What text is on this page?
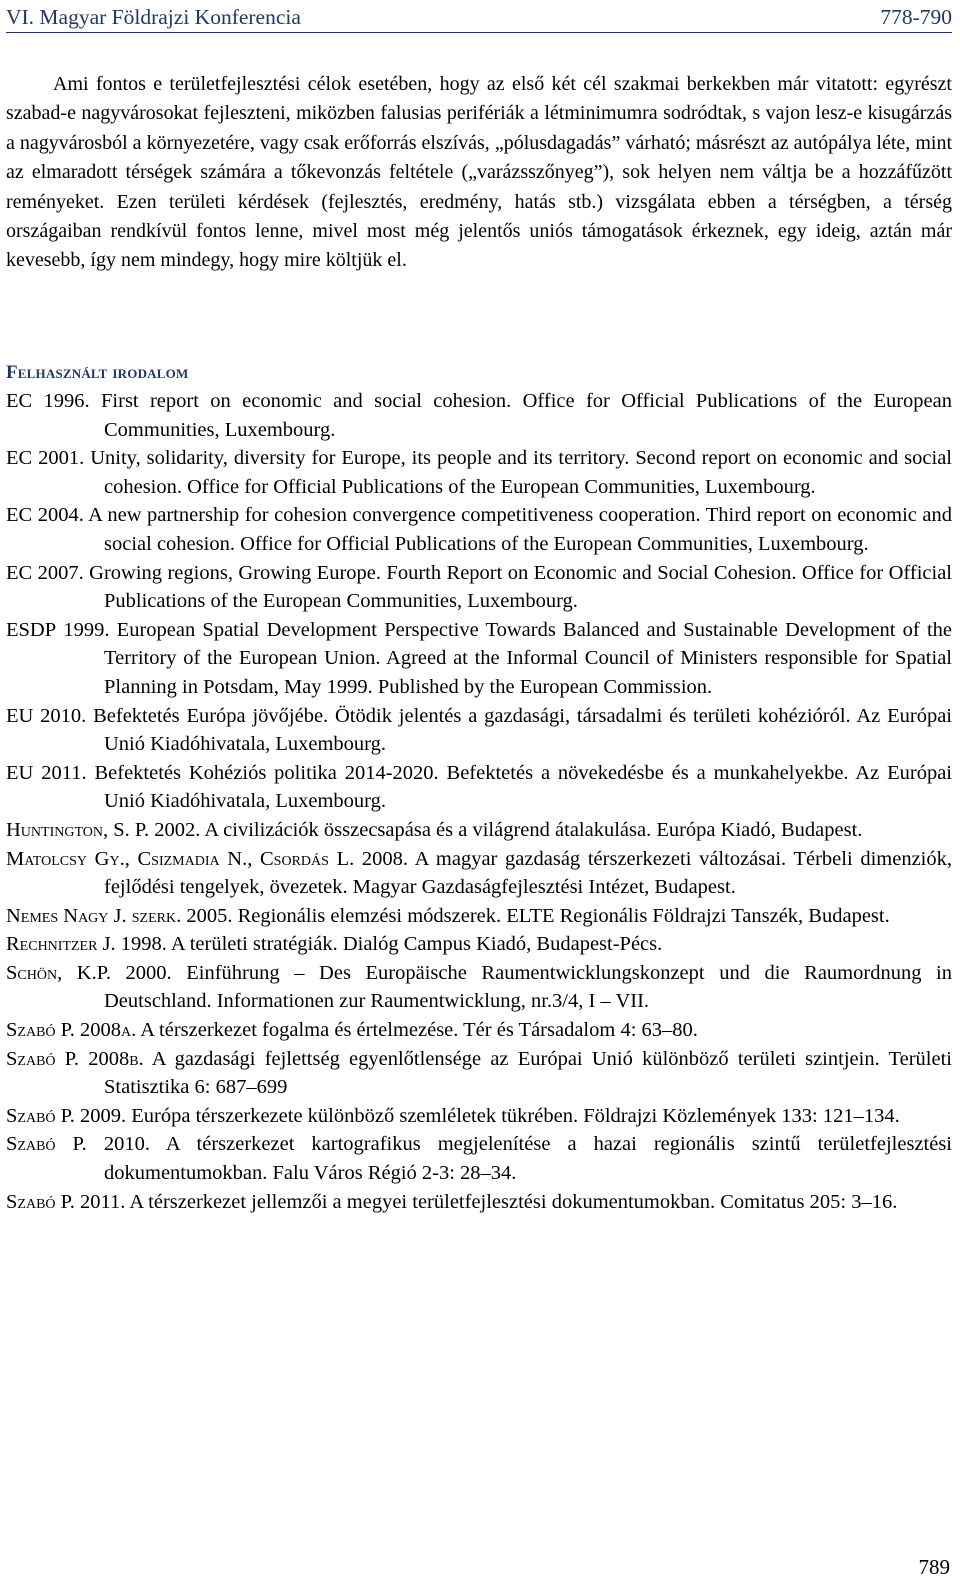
VI. Magyar Földrajzi Konferencia	778-790

Ami fontos e területfejlesztési célok esetében, hogy az első két cél szakmai berkekben már vitatott: egyrészt szabad-e nagyvárosokat fejleszteni, miközben falusias perifériák a létminimumra sodródtak, s vajon lesz-e kisugárzás a nagyvárosból a környezetére, vagy csak erőforrás elszívás, „pólusdagadás” várható; másrészt az autópálya léte, mint az elmaradott térségek számára a tőkevonzás feltétele („varázsszőnyeg”), sok helyen nem váltja be a hozzáfűzött reményeket. Ezen területi kérdések (fejlesztés, eredmény, hatás stb.) vizsgálata ebben a térségben, a térség országaiban rendkívül fontos lenne, mivel most még jelentős uniós támogatások érkeznek, egy ideig, aztán már kevesebb, így nem mindegy, hogy mire költjük el.

Felhasznált irodalom
EC 1996. First report on economic and social cohesion. Office for Official Publications of the European Communities, Luxembourg.
EC 2001. Unity, solidarity, diversity for Europe, its people and its territory. Second report on economic and social cohesion. Office for Official Publications of the European Communities, Luxembourg.
EC 2004. A new partnership for cohesion convergence competitiveness cooperation. Third report on economic and social cohesion. Office for Official Publications of the European Communities, Luxembourg.
EC 2007. Growing regions, Growing Europe. Fourth Report on Economic and Social Cohesion. Office for Official Publications of the European Communities, Luxembourg.
ESDP 1999. European Spatial Development Perspective Towards Balanced and Sustainable Development of the Territory of the European Union. Agreed at the Informal Council of Ministers responsible for Spatial Planning in Potsdam, May 1999. Published by the European Commission.
EU 2010. Befektetés Európa jövőjébe. Ötödik jelentés a gazdasági, társadalmi és területi kohézióról. Az Európai Unió Kiadóhivatala, Luxembourg.
EU 2011. Befektetés Kohéziós politika 2014-2020. Befektetés a növekedésbe és a munkahelyekbe. Az Európai Unió Kiadóhivatala, Luxembourg.
Huntington, S. P. 2002. A civilizációk összecsapása és a világrend átalakulása. Európa Kiadó, Budapest.
Matolcsy Gy., Csizmadia N., Csordás L. 2008. A magyar gazdaság térszerkezeti változásai. Térbeli dimenziók, fejlődési tengelyek, övezetek. Magyar Gazdaságfejlesztési Intézet, Budapest.
Nemes Nagy J. szerk. 2005. Regionális elemzési módszerek. ELTE Regionális Földrajzi Tanszék, Budapest.
Rechnitzer J. 1998. A területi stratégiák. Dialóg Campus Kiadó, Budapest-Pécs.
Schön, K.P. 2000. Einführung – Des Europäische Raumentwicklungskonzept und die Raumordnung in Deutschland. Informationen zur Raumentwicklung, nr.3/4, I – VII.
Szabó P. 2008a. A térszerkezet fogalma és értelmezése. Tér és Társadalom 4: 63–80.
Szabó P. 2008b. A gazdasági fejlettség egyenlőtlensége az Európai Unió különböző területi szintjein. Területi Statisztika 6: 687–699
Szabó P. 2009. Európa térszerkezete különböző szemléletek tükrében. Földrajzi Közlemények 133: 121–134.
Szabó P. 2010. A térszerkezet kartografikus megjelenítése a hazai regionális szintű területfejlesztési dokumentumokban. Falu Város Régió 2-3: 28–34.
Szabó P. 2011. A térszerkezet jellemzői a megyei területfejlesztési dokumentumokban. Comitatus 205: 3–16.
789
